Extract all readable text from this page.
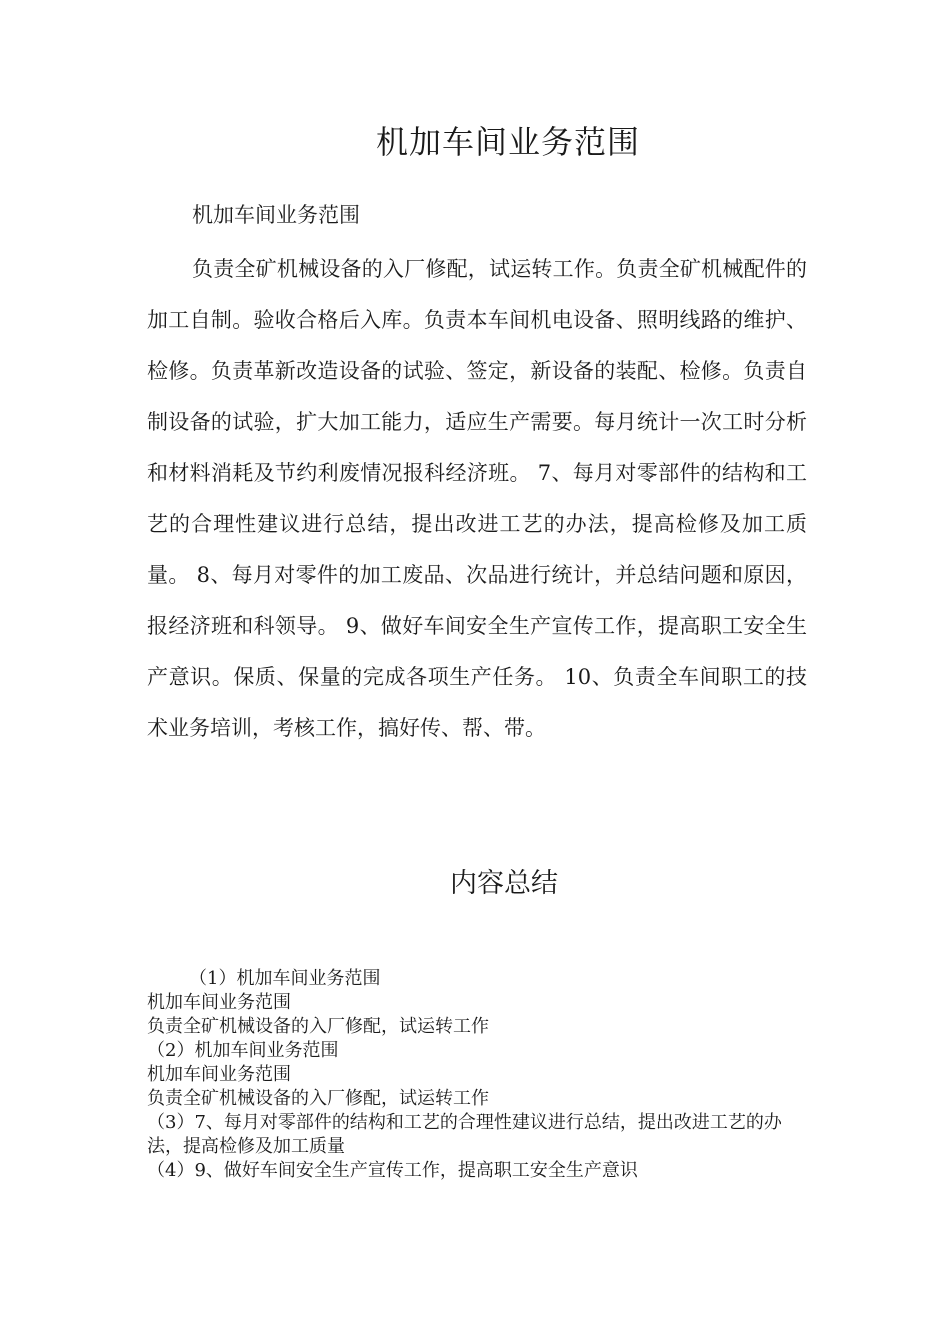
机加车间业务范围
机加车间业务范围

负责全矿机械设备的入厂修配，试运转工作。负责全矿机械配件的加工自制。验收合格后入库。负责本车间机电设备、照明线路的维护、检修。负责革新改造设备的试验、签定，新设备的装配、检修。负责自制设备的试验，扩大加工能力，适应生产需要。每月统计一次工时分析和材料消耗及节约利废情况报科经济班。 7、每月对零部件的结构和工艺的合理性建议进行总结，提出改进工艺的办法，提高检修及加工质量。 8、每月对零件的加工废品、次品进行统计，并总结问题和原因，报经济班和科领导。 9、做好车间安全生产宣传工作，提高职工安全生产意识。保质、保量的完成各项生产任务。 10、负责全车间职工的技术业务培训，考核工作，搞好传、帮、带。

内容总结
（1）机加车间业务范围
机加车间业务范围
负责全矿机械设备的入厂修配，试运转工作
（2）机加车间业务范围
机加车间业务范围
负责全矿机械设备的入厂修配，试运转工作
（3）7、每月对零部件的结构和工艺的合理性建议进行总结，提出改进工艺的办法，提高检修及加工质量
（4）9、做好车间安全生产宣传工作，提高职工安全生产意识
